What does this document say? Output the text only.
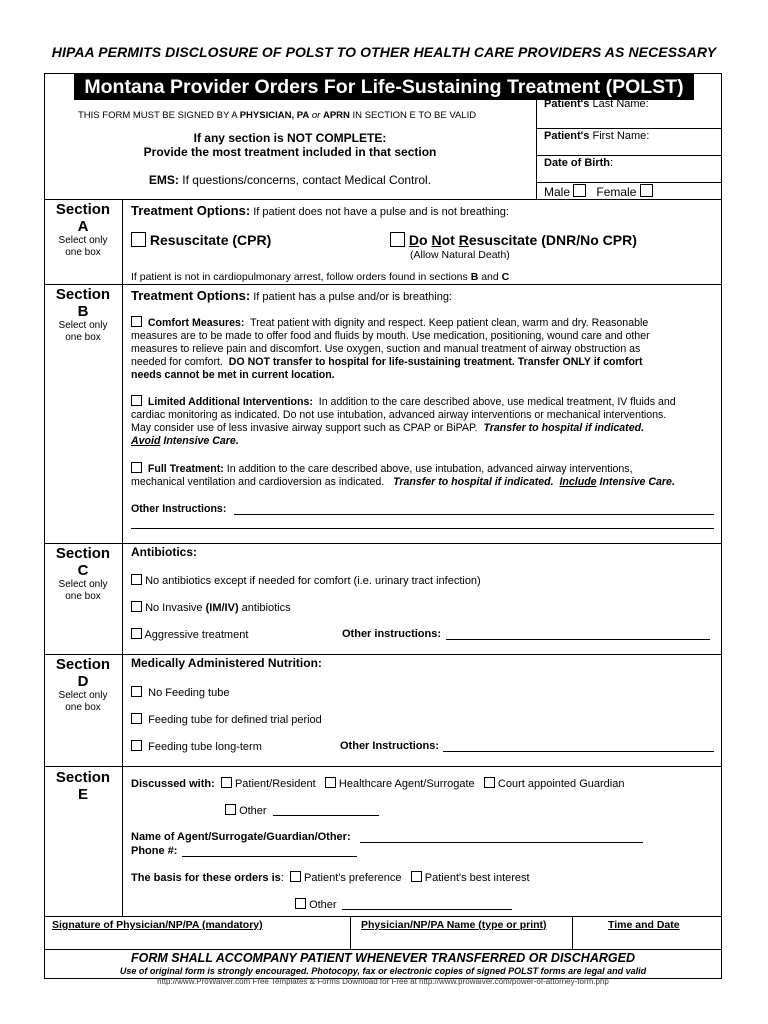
HIPAA PERMITS DISCLOSURE OF POLST TO OTHER HEALTH CARE PROVIDERS AS NECESSARY
Montana Provider Orders For Life-Sustaining Treatment (POLST)
THIS FORM MUST BE SIGNED BY A PHYSICIAN, PA or APRN IN SECTION E TO BE VALID
If any section is NOT COMPLETE:
Provide the most treatment included in that section
EMS: If questions/concerns, contact Medical Control.
Patient's Last Name:
Patient's First Name:
Date of Birth:
Male Female
Section
A
Select only
one box
Treatment Options: If patient does not have a pulse and is not breathing:
Resuscitate (CPR)	Do Not Resuscitate (DNR/No CPR)
(Allow Natural Death)
If patient is not in cardiopulmonary arrest, follow orders found in sections B and C
Section
B
Select only
one box
Treatment Options: If patient has a pulse and/or is breathing:
Comfort Measures: Treat patient with dignity and respect. Keep patient clean, warm and dry. Reasonable
measures are to be made to offer food and fluids by mouth. Use medication, positioning, wound care and other
measures to relieve pain and discomfort. Use oxygen, suction and manual treatment of airway obstruction as
needed for comfort. DO NOT transfer to hospital for life-sustaining treatment. Transfer ONLY if comfort
needs cannot be met in current location.
Limited Additional Interventions: In addition to the care described above, use medical treatment, IV fluids and
cardiac monitoring as indicated. Do not use intubation, advanced airway interventions or mechanical interventions.
May consider use of less invasive airway support such as CPAP or BiPAP. Transfer to hospital if indicated.
Avoid Intensive Care.
Full Treatment: In addition to the care described above, use intubation, advanced airway interventions,
mechanical ventilation and cardioversion as indicated. Transfer to hospital if indicated. Include Intensive Care.
Other Instructions:
Section
C
Select only
one box
Antibiotics:
No antibiotics except if needed for comfort (i.e. urinary tract infection)
No Invasive (IM/IV) antibiotics
Aggressive treatment	Other instructions:
Section
D
Select only
one box
Medically Administered Nutrition:
No Feeding tube
Feeding tube for defined trial period
Feeding tube long-term	Other Instructions:
Section
E
Discussed with: Patient/Resident Healthcare Agent/Surrogate Court appointed Guardian
Other
Name of Agent/Surrogate/Guardian/Other:
Phone #:
The basis for these orders is: Patient's preference Patient's best interest
Other
Signature of Physician/NP/PA (mandatory)	Physician/NP/PA Name (type or print)	Time and Date
FORM SHALL ACCOMPANY PATIENT WHENEVER TRANSFERRED OR DISCHARGED
Use of original form is strongly encouraged. Photocopy, fax or electronic copies of signed POLST forms are legal and valid
http://www.ProWaiver.com Free Templates & Forms Download for Free at http://www.prowaiver.com/power-of-attorney-form.php
